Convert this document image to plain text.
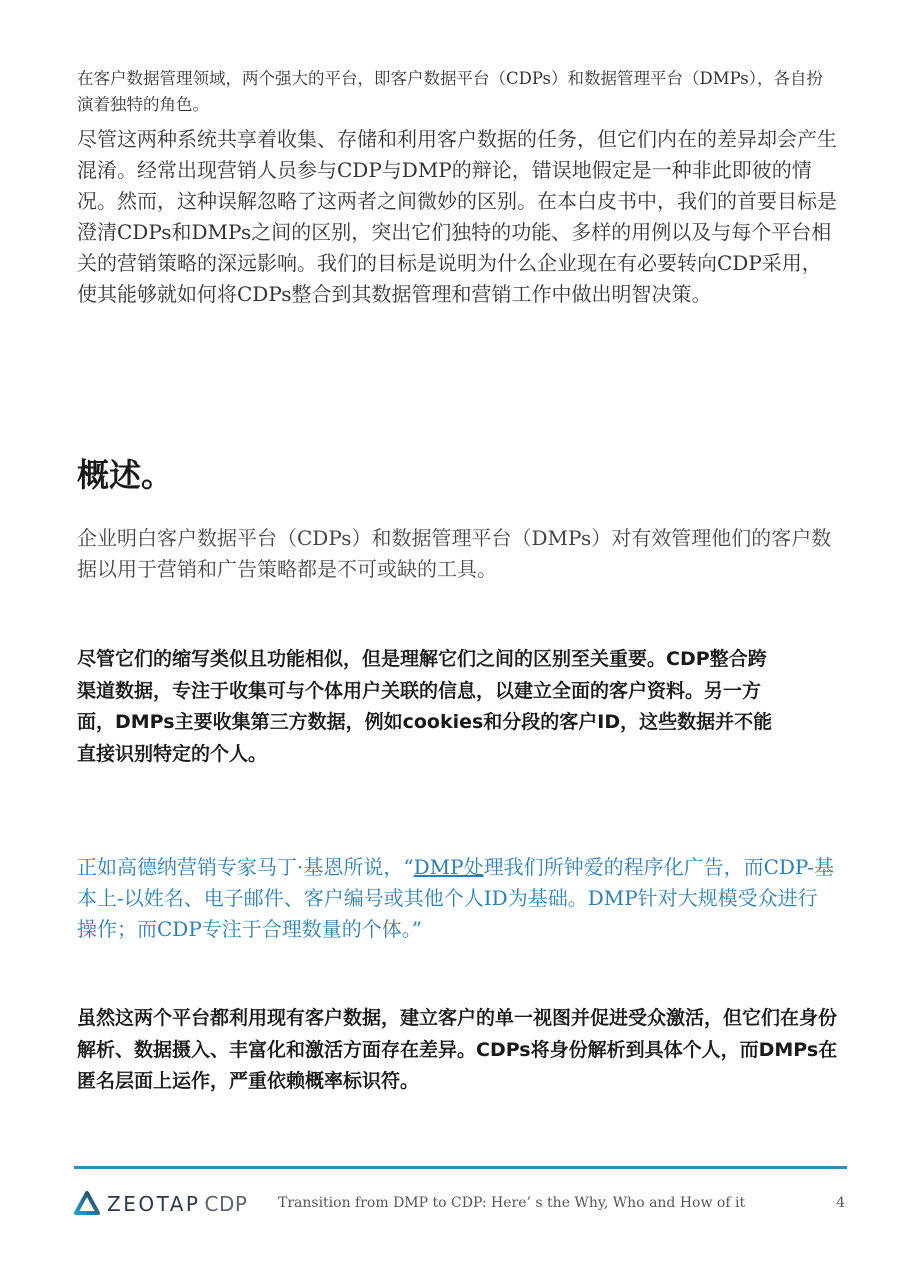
在客户数据管理领域，两个强大的平台，即客户数据平台（CDPs）和数据管理平台（DMPs），各自扮演着独特的角色。

尽管这两种系统共享着收集、存储和利用客户数据的任务，但它们内在的差异却会产生混淆。经常出现营销人员参与CDP与DMP的辩论，错误地假定是一种非此即彼的情况。然而，这种误解忽略了这两者之间微妙的区别。在本白皮书中，我们的首要目标是澄清CDPs和DMPs之间的区别，突出它们独特的功能、多样的用例以及与每个平台相关的营销策略的深远影响。我们的目标是说明为什么企业现在有必要转向CDP采用，使其能够就如何将CDPs整合到其数据管理和营销工作中做出明智决策。

概述。

企业明白客户数据平台（CDPs）和数据管理平台（DMPs）对有效管理他们的客户数据以用于营销和广告策略都是不可或缺的工具。

尽管它们的缩写类似且功能相似，但是理解它们之间的区别至关重要。CDP整合跨渠道数据，专注于收集可与个体用户关联的信息，以建立全面的客户资料。另一方面，DMPs主要收集第三方数据，例如cookies和分段的客户ID，这些数据并不能直接识别特定的个人。

正如高德纳营销专家马丁·基恩所说，“DMP处理我们所钟爱的程序化广告，而CDP-基本上-以姓名、电子邮件、客户编号或其他个人ID为基础。DMP针对大规模受众进行操作；而CDP专注于合理数量的个体。”

虽然这两个平台都利用现有客户数据，建立客户的单一视图并促进受众激活，但它们在身份解析、数据摄入、丰富化和激活方面存在差异。CDPs将身份解析到具体个人，而DMPs在匿名层面上运作，严重依赖概率标识符。

ZEOTAP CDP Transition from DMP to CDP: Here’ s the Why, Who and How of it	4
